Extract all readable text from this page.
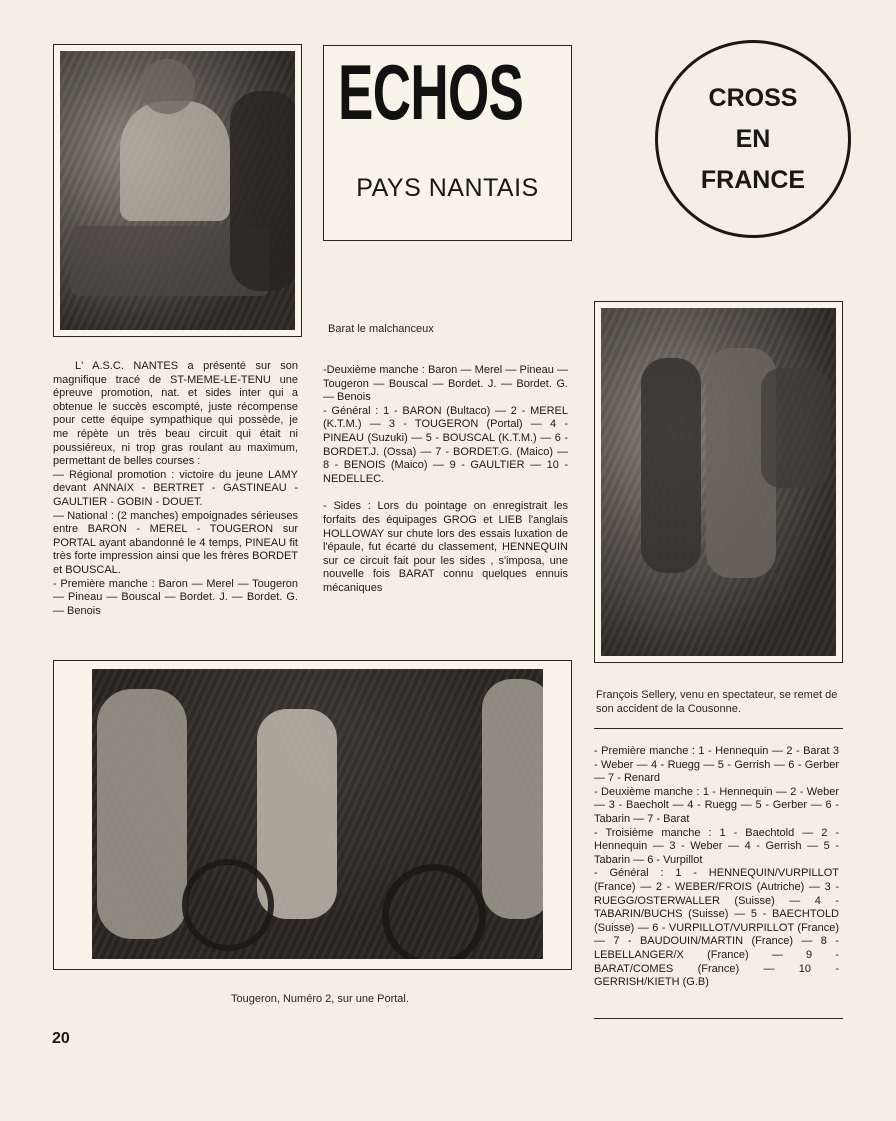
Barat le malchanceux
ECHOS
PAYS NANTAIS
CROSS
EN
FRANCE
François Sellery, venu en spectateur, se remet de son accident de la Cousonne.

L' A.S.C. NANTES a présenté sur son magnifique tracé de ST-MEME-LE-TENU une épreuve promotion, nat. et sides inter qui a obtenue le succès escompté, juste récompense pour cette équipe sympathique qui possède, je me répète un très beau circuit qui était ni poussiéreux, ni trop gras roulant au maximum, permettant de belles courses :

— Régional promotion : victoire du jeune LAMY devant ANNAIX - BERTRET - GASTINEAU - GAULTIER - GOBIN - DOUET.

— National : (2 manches) empoignades sérieuses entre BARON - MEREL - TOUGERON sur PORTAL ayant abandonné le 4 temps, PINEAU fit très forte impression ainsi que les frères BORDET et BOUSCAL.

- Première manche : Baron — Merel — Tougeron — Pineau — Bouscal — Bordet. J. — Bordet. G. — Benois

-Deuxième manche : Baron — Merel — Pineau — Tougeron — Bouscal — Bordet. J. — Bordet. G. — Benois

- Général : 1 - BARON (Bultaco) — 2 - MEREL (K.T.M.) — 3 - TOUGERON (Portal) — 4 - PINEAU (Suzuki) — 5 - BOUSCAL (K.T.M.) — 6 - BORDET.J. (Ossa) — 7 - BORDET.G. (Maico) — 8 - BENOIS (Maico) — 9 - GAULTIER — 10 - NEDELLEC.

- Sides : Lors du pointage on enregistrait les forfaits des équipages GROG et LIEB l'anglais HOLLOWAY sur chute lors des essais luxation de l'épaule, fut écarté du classement, HENNEQUIN sur ce circuit fait pour les sides , s'imposa, une nouvelle fois BARAT connu quelques ennuis mécaniques

Tougeron, Numéro 2, sur une Portal.

- Première manche : 1 - Hennequin — 2 - Barat 3 - Weber — 4 - Ruegg — 5 - Gerrish — 6 - Gerber — 7 - Renard

- Deuxième manche : 1 - Hennequin — 2 - Weber — 3 - Baecholt — 4 - Ruegg — 5 - Gerber — 6 - Tabarin — 7 - Barat

- Troisième manche : 1 - Baechtold — 2 - Hennequin — 3 - Weber — 4 - Gerrish — 5 - Tabarin — 6 - Vurpillot

- Général : 1 - HENNEQUIN/VURPILLOT (France) — 2 - WEBER/FROIS (Autriche) — 3 - RUEGG/OSTERWALLER (Suisse) — 4 - TABARIN/BUCHS (Suisse) — 5 - BAECHTOLD (Suisse) — 6 - VURPILLOT/VURPILLOT (France) — 7 - BAUDOUIN/MARTIN (France) — 8 - LEBELLANGER/X (France) — 9 - BARAT/COMES (France) — 10 - GERRISH/KIETH (G.B)

20
